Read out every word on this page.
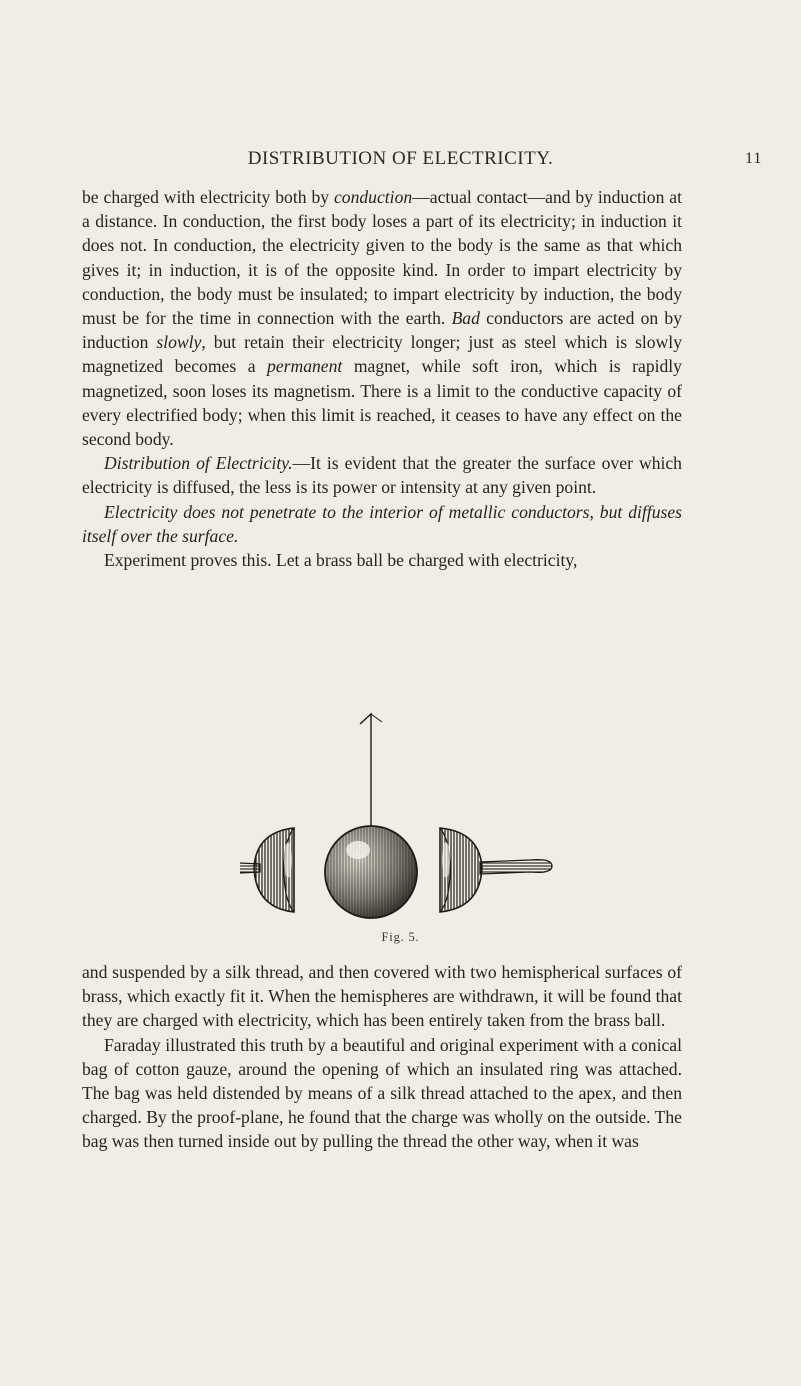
DISTRIBUTION OF ELECTRICITY.	11

be charged with electricity both by conduction—actual contact—and by induction at a distance. In conduction, the first body loses a part of its electricity; in induction it does not. In conduction, the electricity given to the body is the same as that which gives it; in induction, it is of the opposite kind. In order to impart electricity by conduction, the body must be insulated; to impart electricity by induction, the body must be for the time in connection with the earth. Bad conductors are acted on by induction slowly, but retain their electricity longer; just as steel which is slowly magnetized becomes a permanent magnet, while soft iron, which is rapidly magnetized, soon loses its magnetism. There is a limit to the conductive capacity of every electrified body; when this limit is reached, it ceases to have any effect on the second body.

Distribution of Electricity.—It is evident that the greater the surface over which electricity is diffused, the less is its power or intensity at any given point.

Electricity does not penetrate to the interior of metallic conductors, but diffuses itself over the surface.

Experiment proves this. Let a brass ball be charged with electricity,

Fig. 5.

and suspended by a silk thread, and then covered with two hemispherical surfaces of brass, which exactly fit it. When the hemispheres are withdrawn, it will be found that they are charged with electricity, which has been entirely taken from the brass ball.

Faraday illustrated this truth by a beautiful and original experiment with a conical bag of cotton gauze, around the opening of which an insulated ring was attached. The bag was held distended by means of a silk thread attached to the apex, and then charged. By the proof-plane, he found that the charge was wholly on the outside. The bag was then turned inside out by pulling the thread the other way, when it was
